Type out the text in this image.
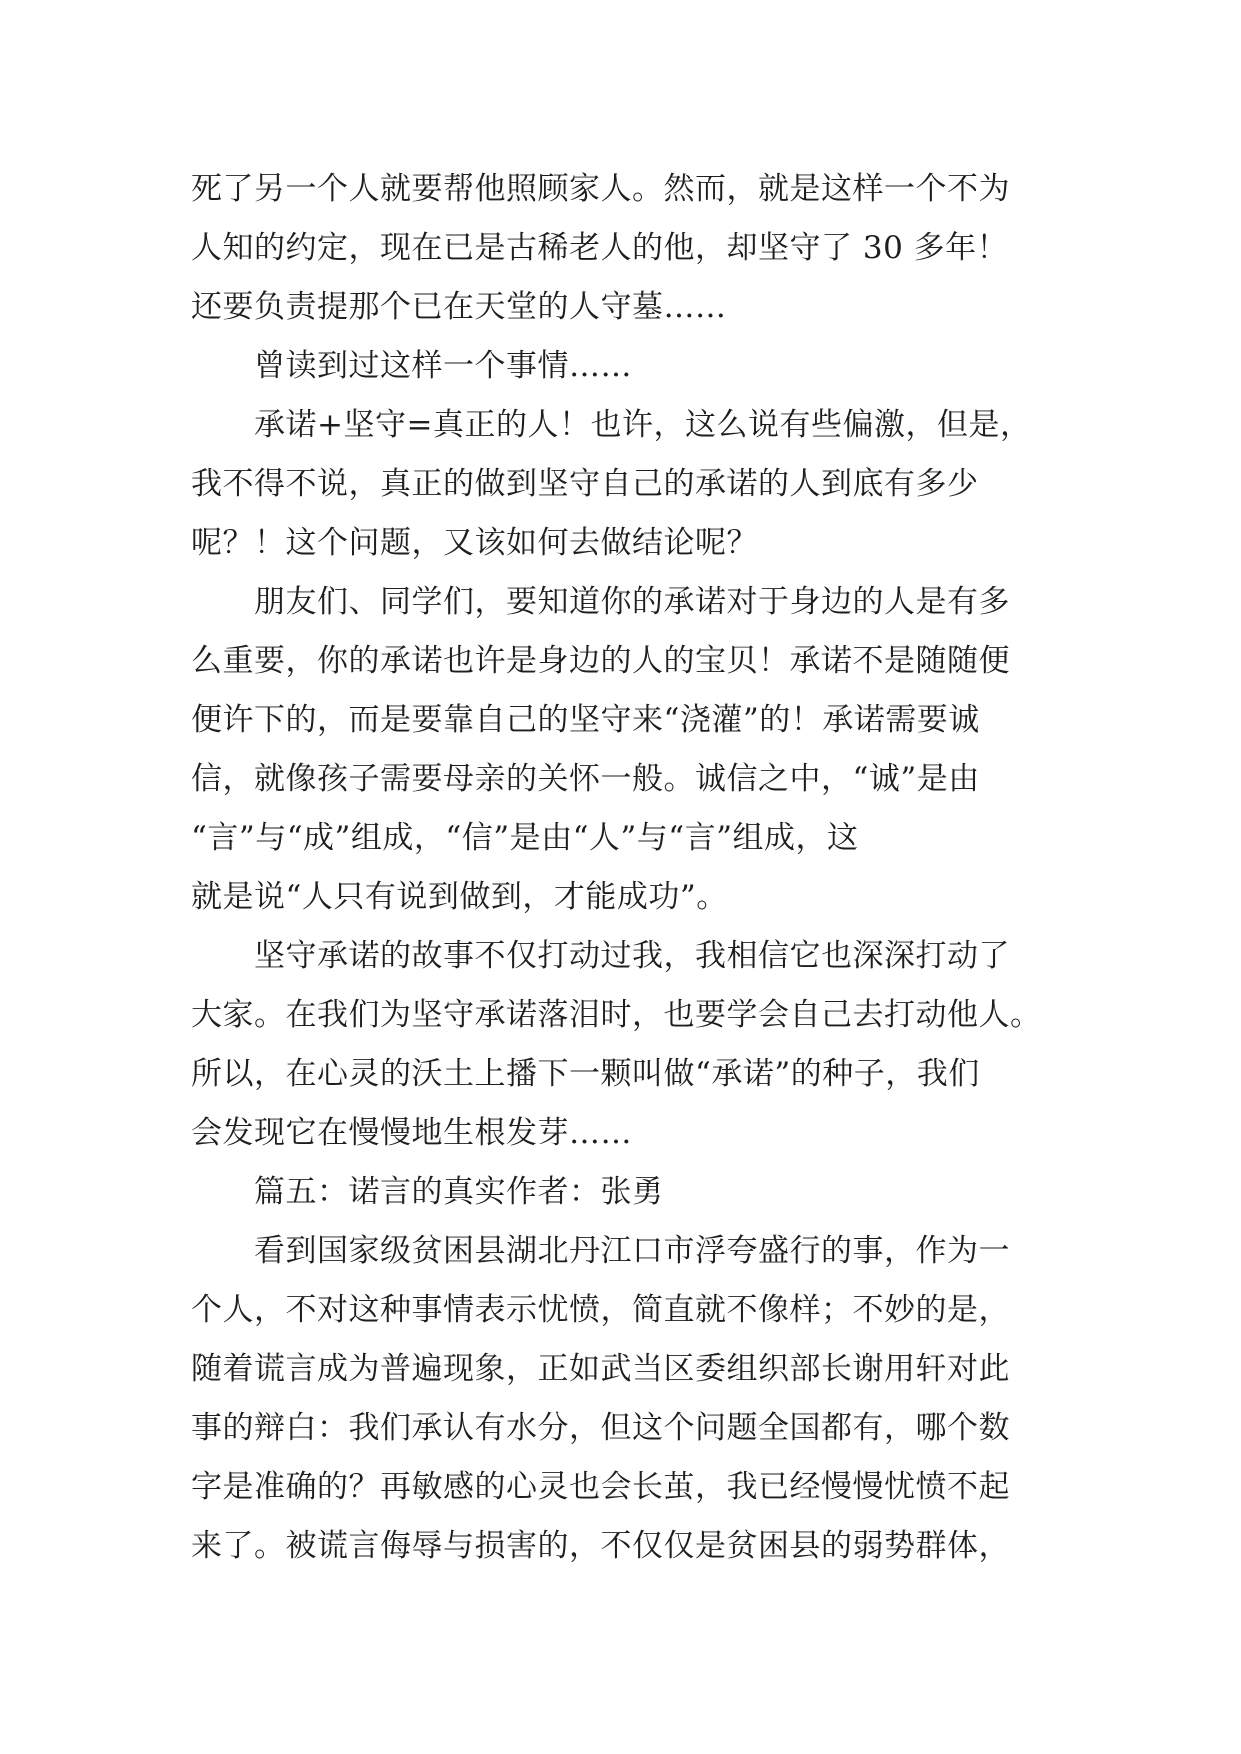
死了另一个人就要帮他照顾家人。然而，就是这样一个不为
人知的约定，现在已是古稀老人的他，却坚守了 30 多年！
还要负责提那个已在天堂的人守墓……
曾读到过这样一个事情……
承诺+坚守=真正的人！也许，这么说有些偏激，但是，
我不得不说，真正的做到坚守自己的承诺的人到底有多少
呢？！这个问题，又该如何去做结论呢？
朋友们、同学们，要知道你的承诺对于身边的人是有多
么重要，你的承诺也许是身边的人的宝贝！承诺不是随随便
便许下的，而是要靠自己的坚守来“浇灌”的！承诺需要诚
信，就像孩子需要母亲的关怀一般。诚信之中，“诚”是由
“言”与“成”组成，“信”是由“人”与“言”组成，这
就是说“人只有说到做到，才能成功”。
坚守承诺的故事不仅打动过我，我相信它也深深打动了
大家。在我们为坚守承诺落泪时，也要学会自己去打动他人。
所以，在心灵的沃土上播下一颗叫做“承诺”的种子，我们
会发现它在慢慢地生根发芽……
篇五：诺言的真实作者：张勇
看到国家级贫困县湖北丹江口市浮夸盛行的事，作为一
个人，不对这种事情表示忧愤，简直就不像样；不妙的是，
随着谎言成为普遍现象，正如武当区委组织部长谢用轩对此
事的辩白：我们承认有水分，但这个问题全国都有，哪个数
字是准确的？再敏感的心灵也会长茧，我已经慢慢忧愤不起
来了。被谎言侮辱与损害的，不仅仅是贫困县的弱势群体，
